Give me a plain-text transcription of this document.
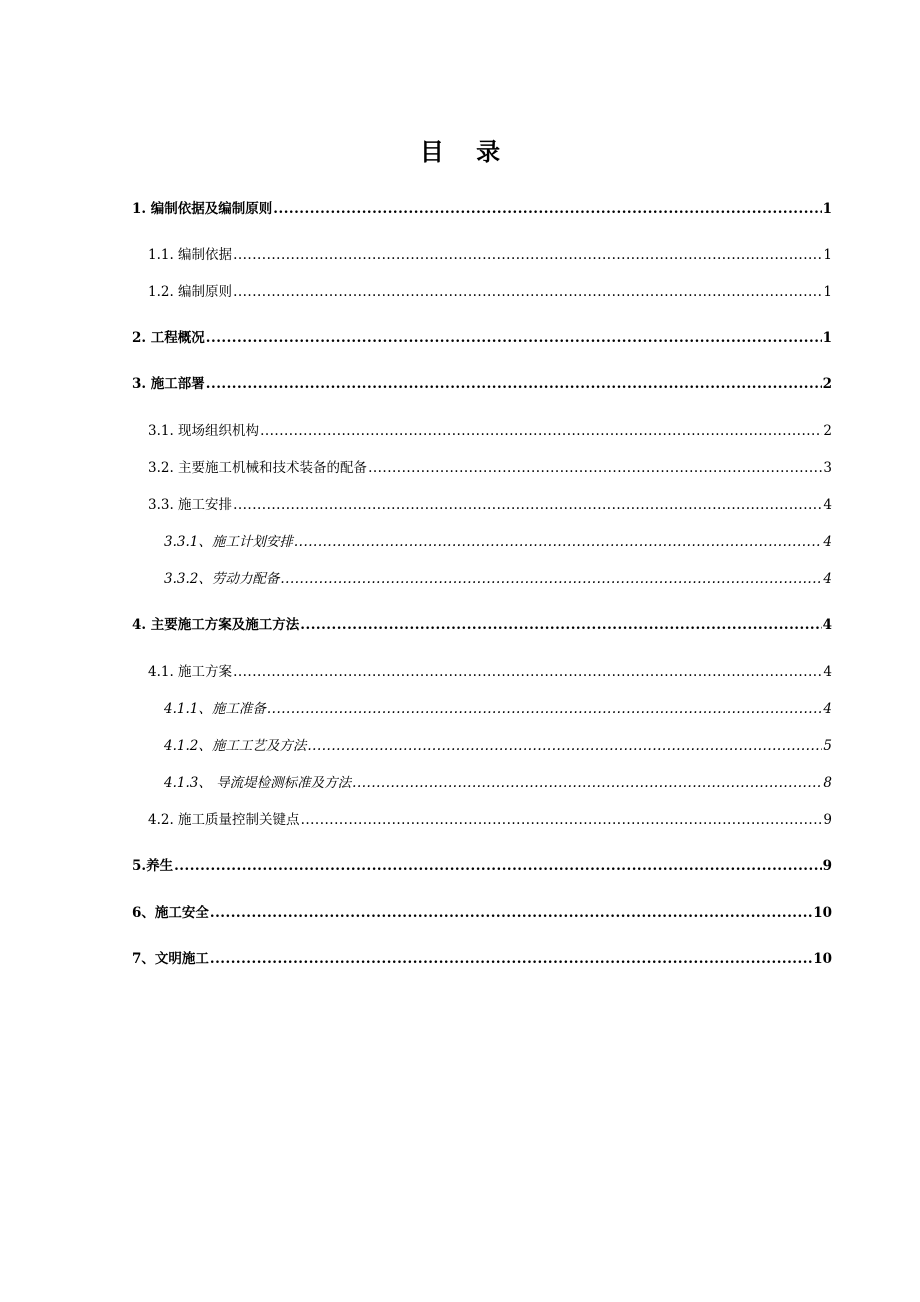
目 录
1. 编制依据及编制原则 .....	1
1.1. 编制依据 .....	1
1.2. 编制原则 .....	1
2. 工程概况 .....	1
3. 施工部署 .....	2
3.1. 现场组织机构 .....	2
3.2. 主要施工机械和技术装备的配备 .....	3
3.3. 施工安排 .....	4
3.3.1、施工计划安排 .....	4
3.3.2、劳动力配备 .....	4
4. 主要施工方案及施工方法 .....	4
4.1. 施工方案 .....	4
4.1.1、施工准备 .....	4
4.1.2、施工工艺及方法 .....	5
4.1.3、 导流堤检测标准及方法 .....	8
4.2. 施工质量控制关键点 .....	9
5.养生 .....	9
6、施工安全 .....	10
7、文明施工 .....	10
